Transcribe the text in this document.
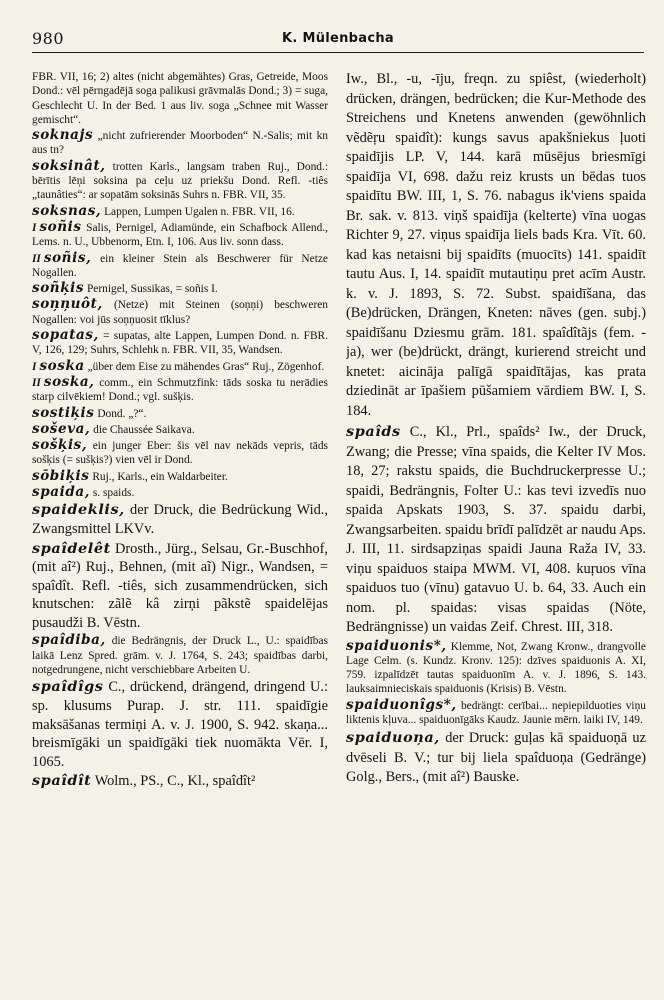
980	K. Mülenbacha

FBR. VII, 16; 2) altes (nicht abgemähtes) Gras, Getreide, Moos Dond.: vēl pērngadējā soga palikusi grāvmalās Dond.; 3) = suga, Geschlecht U. In der Bed. 1 aus liv. soga „Schnee mit Wasser gemischt“.

soknajs „nicht zufrierender Moorboden“ N.-Salis; mit kn aus tn?

soksinât, trotten Karls., langsam traben Ruj., Dond.: bērītis lēņi soksina pa ceļu uz priekšu Dond. Refl. -tiês „taunâties“: ar sopatām soksinās Suhrs n. FBR. VII, 35.

soksnas, Lappen, Lumpen Ugalen n. FBR. VII, 16.

I soñis Salis, Pernigel, Adiamünde, ein Schafbock Allend., Lems. n. U., Ubbenorm, Etn. I, 106. Aus liv. sonn dass.

II soñis, ein kleiner Stein als Beschwerer für Netze Nogallen.

soñķis Pernigel, Sussikas, = soñis I.

soņņuôt, (Netze) mit Steinen (soņņi) beschweren Nogallen: voi jūs soņņuosit tīklus?

sopatas, = supatas, alte Lappen, Lumpen Dond. n. FBR. V, 126, 129; Suhrs, Schlehk n. FBR. VII, 35, Wandsen.

I soska „über dem Eise zu mähendes Gras“ Ruj., Zögenhof.

II soska, comm., ein Schmutzfink: tāds soska tu nerādies starp cilvēkiem! Dond.; vgl. sušķis.

sostiķis Dond. „?“.

soševa, die Chaussée Saikava.

sošķis, ein junger Eber: šis vēl nav nekāds vepris, tāds sošķis (= sušķis?) vien vēl ir Dond.

sōbiķis Ruj., Karls., ein Waldarbeiter.

spaida, s. spaids.

spaideklis, der Druck, die Bedrückung Wid., Zwangsmittel LKVv.

spaîdelêt Drosth., Jürg., Selsau, Gr.-Buschhof, (mit aî²) Ruj., Behnen, (mit aĩ) Nigr., Wandsen, = spaîdît. Refl. -tiês, sich zusammendrücken, sich knutschen: zãlẽ kâ zirņi pãkstẽ spaidelējas pusaudži B. Vēstn.

spaîdiba, die Bedrängnis, der Druck L., U.: spaidības laikā Lenz Spred. grām. v. J. 1764, S. 243; spaidības darbi, notgedrungene, nicht verschiebbare Arbeiten U.

spaîdîgs C., drückend, drängend, dringend U.: sp. klusums Purap. J. str. 111. spaidīgie maksāšanas termiņi A. v. J. 1900, S. 942. skaņa... breismīgāki un spaidīgāki tiek nuomākta Vēr. I, 1065.

spaîdît Wolm., PS., C., Kl., spaîdît²

Iw., Bl., -u, -īju, freqn. zu spiêst, (wiederholt) drücken, drängen, bedrücken; die Kur-Methode des Streichens und Knetens anwenden (gewöhnlich vẽdẽŗu spaidît): kungs savus apakšniekus ļuoti spaidījis LP. V, 144. karā mūsējus briesmīgi spaidīja VI, 698. dažu reiz krusts un bēdas tuos spaidītu BW. III, 1, S. 76. nabagus ik'viens spaida Br. sak. v. 813. viņš spaidīja (kelterte) vīna uogas Richter 9, 27. viņus spaidīja liels bads Kra. Vīt. 60. kad kas netaisni bij spaidīts (muocīts) 141. spaidīt tautu Aus. I, 14. spaidīt mutautiņu pret acīm Austr. k. v. J. 1893, S. 72. Subst. spaidīšana, das (Be)drücken, Drängen, Kneten: nāves (gen. subj.) spaidīšanu Dziesmu grām. 181. spaîdîtãjs (fem. -ja), wer (be)drückt, drängt, kurierend streicht und knetet: aicināja palīgā spaidītājas, kas prata dziedināt ar īpašiem pūšamiem vārdiem BW. I, S. 184.

spaîds C., Kl., Prl., spaîds² Iw., der Druck, Zwang; die Presse; vīna spaids, die Kelter IV Mos. 18, 27; rakstu spaids, die Buchdruckerpresse U.; spaidi, Bedrängnis, Folter U.: kas tevi izvedīs nuo spaida Apskats 1903, S. 37. spaidu darbi, Zwangsarbeiten. spaidu brīdī palīdzēt ar naudu Aps. J. III, 11. sirdsapziņas spaidi Jauna Raža IV, 33. viņu spaiduos staipa MWM. VI, 408. kuŗuos vīna spaiduos tuo (vīnu) gatavuo U. b. 64, 33. Auch ein nom. pl. spaidas: visas spaidas (Nöte, Bedrängnisse) un vaidas Zeif. Chrest. III, 318.

spaiduonis*, Klemme, Not, Zwang Kronw., drangvolle Lage Celm. (s. Kundz. Kronv. 125): dzīves spaiduonis A. XI, 759. izpalīdzēt tautas spaiduonīm A. v. J. 1896, S. 143. lauksaimnieciskais spaiduonis (Krisis) B. Vēstn.

spaiduonîgs*, bedrängt: cerībai... nepiepilduoties viņu liktenis kļuva... spaiduonīgāks Kaudz. Jaunie mērn. laiki IV, 149.

spaiduoņa, der Druck: guļas kā spaiduoņā uz dvēseli B. V.; tur bij liela spaîduoņa (Gedränge) Golg., Bers., (mit aî²) Bauske.
